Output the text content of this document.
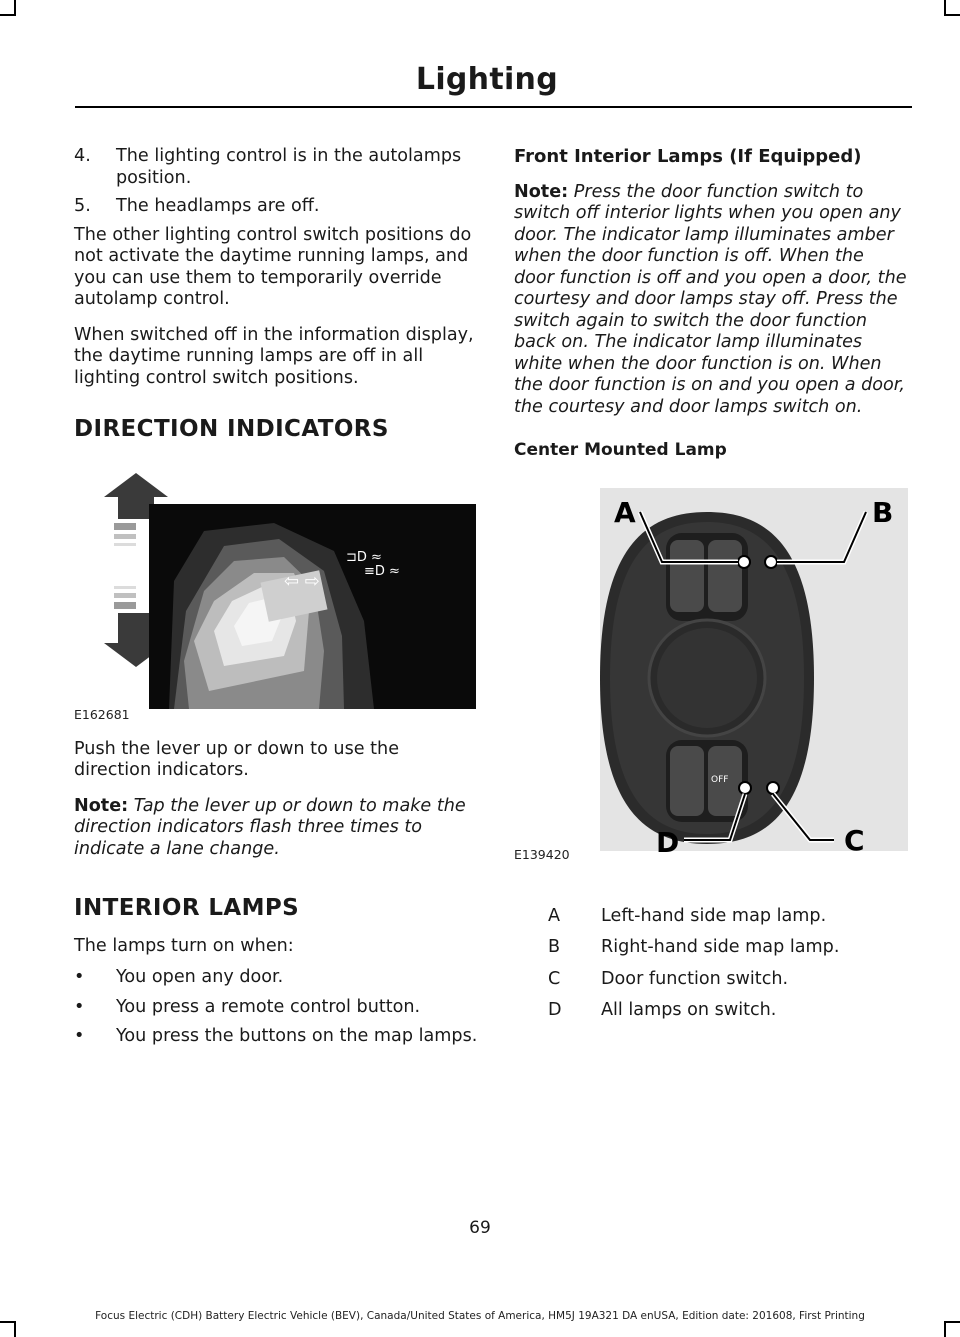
Lighting
4.	The lighting control is in the autolamps position.
5.	The headlamps are off.

The other lighting control switch positions do not activate the daytime running lamps, and you can use them to temporarily override autolamp control.

When switched off in the information display, the daytime running lamps are off in all lighting control switch positions.

DIRECTION INDICATORS
⇦ ⇨
⊐D ≈
≡D ≈
E162681

Push the lever up or down to use the direction indicators.

Note: Tap the lever up or down to make the direction indicators flash three times to indicate a lane change.

INTERIOR LAMPS

The lamps turn on when:

•	You open any door.
•	You press a remote control button.
•	You press the buttons on the map lamps.
Front Interior Lamps (If Equipped)

Note: Press the door function switch to switch off interior lights when you open any door. The indicator lamp illuminates amber when the door function is off. When the door function is off and you open a door, the courtesy and door lamps stay off. Press the switch again to switch the door function back on. The indicator lamp illuminates white when the door function is on. When the door function is on and you open a door, the courtesy and door lamps switch on.

Center Mounted Lamp
OFF
A	B
D	C
E139420
A	Left-hand side map lamp.
B	Right-hand side map lamp.
C	Door function switch.
D	All lamps on switch.
69
Focus Electric (CDH) Battery Electric Vehicle (BEV), Canada/United States of America, HM5J 19A321 DA enUSA, Edition date: 201608, First Printing
